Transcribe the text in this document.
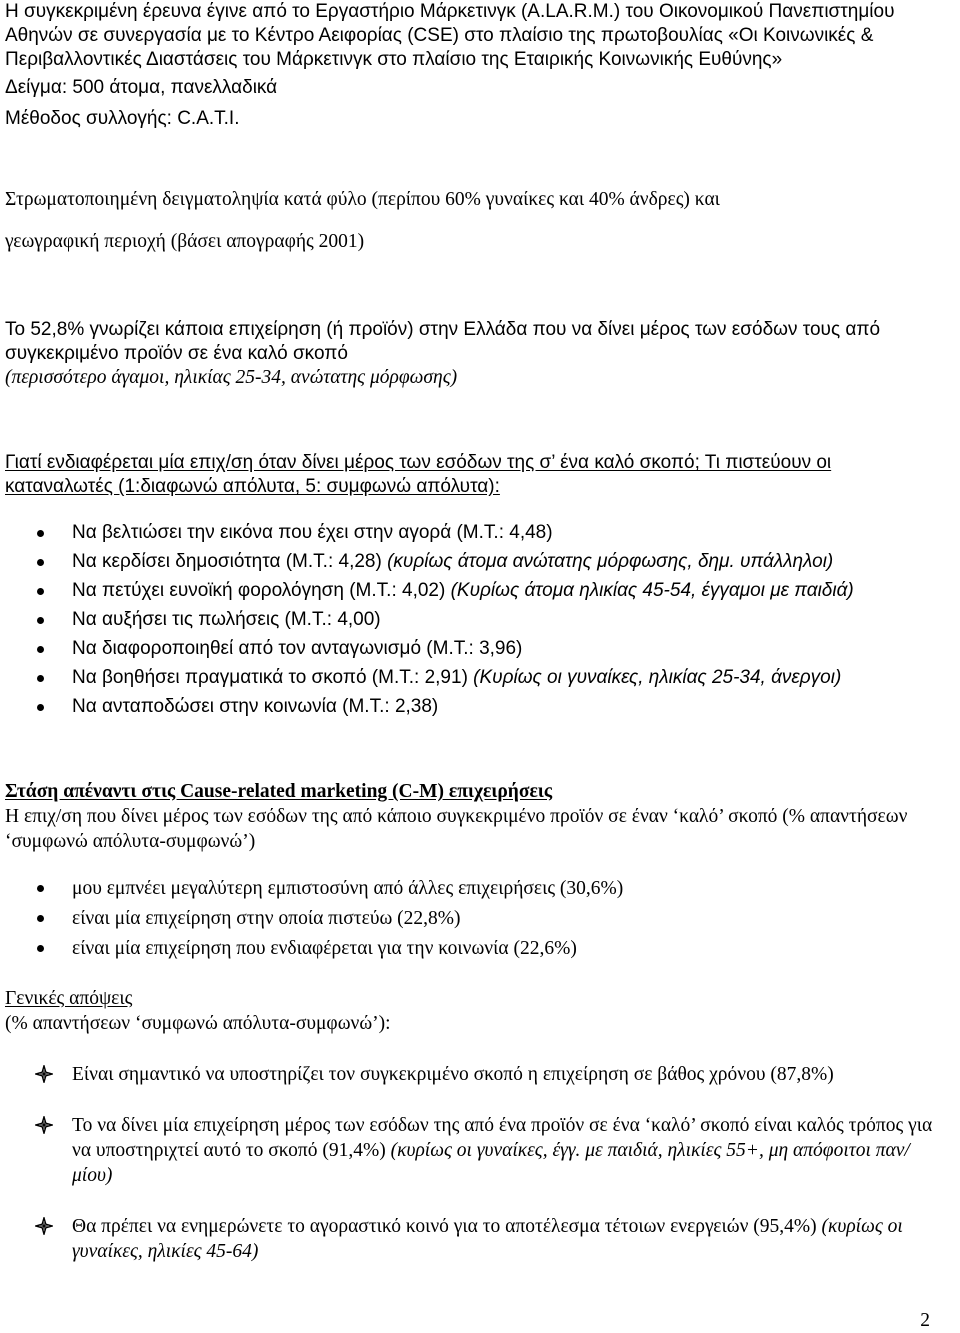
Η συγκεκριμένη έρευνα έγινε από το Εργαστήριο Μάρκετινγκ (A.LA.R.M.) του Οικονομικού Πανεπιστημίου Αθηνών σε συνεργασία με το Κέντρο Αειφορίας (CSE) στο πλαίσιο της πρωτοβουλίας «Οι Κοινωνικές & Περιβαλλοντικές Διαστάσεις του Μάρκετινγκ στο πλαίσιο της Εταιρικής Κοινωνικής Ευθύνης»
Δείγμα: 500 άτομα, πανελλαδικά
Μέθοδος συλλογής: C.A.T.I.
Στρωματοποιημένη δειγματοληψία κατά φύλο (περίπου 60% γυναίκες και 40% άνδρες) και
γεωγραφική περιοχή (βάσει απογραφής 2001)
Το 52,8% γνωρίζει κάποια επιχείρηση (ή προϊόν) στην Ελλάδα που να δίνει μέρος των εσόδων τους από συγκεκριμένο προϊόν σε ένα καλό σκοπό
(περισσότερο άγαμοι, ηλικίας 25-34, ανώτατης μόρφωσης)
Γιατί ενδιαφέρεται μία επιχ/ση όταν δίνει μέρος των εσόδων της σ’ ένα καλό σκοπό; Τι πιστεύουν οι καταναλωτές (1:διαφωνώ απόλυτα, 5: συμφωνώ απόλυτα):
Να βελτιώσει την εικόνα που έχει στην αγορά (Μ.Τ.: 4,48)
Να κερδίσει δημοσιότητα (Μ.Τ.: 4,28) (κυρίως άτομα ανώτατης μόρφωσης, δημ. υπάλληλοι)
Να πετύχει ευνοϊκή φορολόγηση (Μ.Τ.: 4,02) (Κυρίως άτομα ηλικίας 45-54, έγγαμοι με παιδιά)
Να αυξήσει τις πωλήσεις (Μ.Τ.: 4,00)
Να διαφοροποιηθεί από τον ανταγωνισμό (Μ.Τ.: 3,96)
Να βοηθήσει πραγματικά το σκοπό (Μ.Τ.: 2,91) (Κυρίως οι γυναίκες, ηλικίας 25-34, άνεργοι)
Να ανταποδώσει στην κοινωνία (Μ.Τ.: 2,38)
Στάση απέναντι στις Cause-related marketing (C-M) επιχειρήσεις
Η επιχ/ση που δίνει μέρος των εσόδων της από κάποιο συγκεκριμένο προϊόν σε έναν ‘καλό’ σκοπό (% απαντήσεων ‘συμφωνώ απόλυτα-συμφωνώ’)
μου εμπνέει μεγαλύτερη εμπιστοσύνη από άλλες επιχειρήσεις (30,6%)
είναι μία επιχείρηση στην οποία πιστεύω (22,8%)
είναι μία επιχείρηση που ενδιαφέρεται για την κοινωνία (22,6%)
Γενικές απόψεις
(% απαντήσεων ‘συμφωνώ απόλυτα-συμφωνώ’):
Είναι σημαντικό να υποστηρίζει τον συγκεκριμένο σκοπό η επιχείρηση σε βάθος χρόνου (87,8%)
Το να δίνει μία επιχείρηση μέρος των εσόδων της από ένα προϊόν σε ένα ‘καλό’ σκοπό είναι καλός τρόπος για να υποστηριχτεί αυτό το σκοπό (91,4%) (κυρίως οι γυναίκες, έγγ. με παιδιά, ηλικίες 55+, μη απόφοιτοι παν/μίου)
Θα πρέπει να ενημερώνετε το αγοραστικό κοινό για το αποτέλεσμα τέτοιων ενεργειών (95,4%) (κυρίως οι γυναίκες, ηλικίες 45-64)
2
